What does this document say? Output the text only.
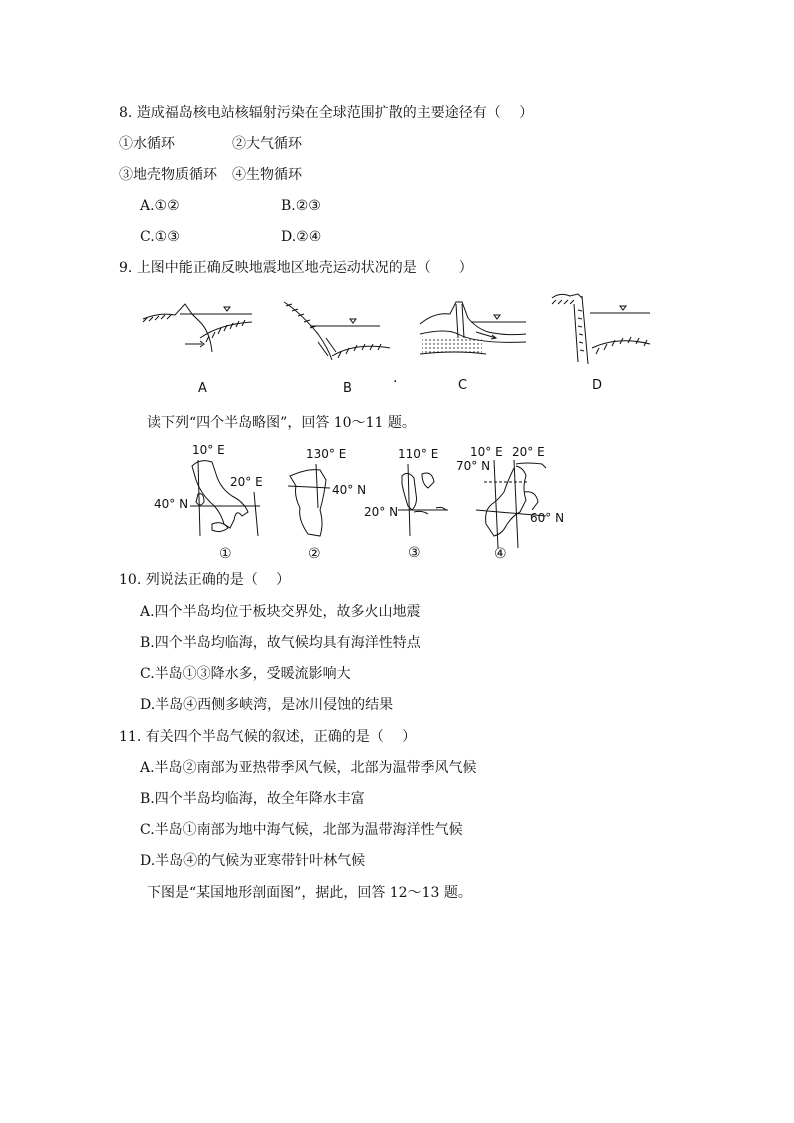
8. 造成福岛核电站核辐射污染在全球范围扩散的主要途径有（　 ）
①水循环	②大气循环
③地壳物质循环 ④生物循环
A.①②	B.②③
C.①③	D.②④
9. 上图中能正确反映地震地区地壳运动状况的是（　　）
A	B
.	C	D
读下列“四个半岛略图”，回答 10～11 题。
10° E
20° E
40° N
①
130° E
40° N
②
110° E
20° N
③
10° E 20° E
70° N
60° N
④
10. 列说法正确的是（　 ）
A.四个半岛均位于板块交界处，故多火山地震
B.四个半岛均临海，故气候均具有海洋性特点
C.半岛①③降水多，受暖流影响大
D.半岛④西侧多峡湾，是冰川侵蚀的结果
11. 有关四个半岛气候的叙述，正确的是（　 ）
A.半岛②南部为亚热带季风气候，北部为温带季风气候
B.四个半岛均临海，故全年降水丰富
C.半岛①南部为地中海气候，北部为温带海洋性气候
D.半岛④的气候为亚寒带针叶林气候
下图是“某国地形剖面图”，据此，回答 12～13 题。
